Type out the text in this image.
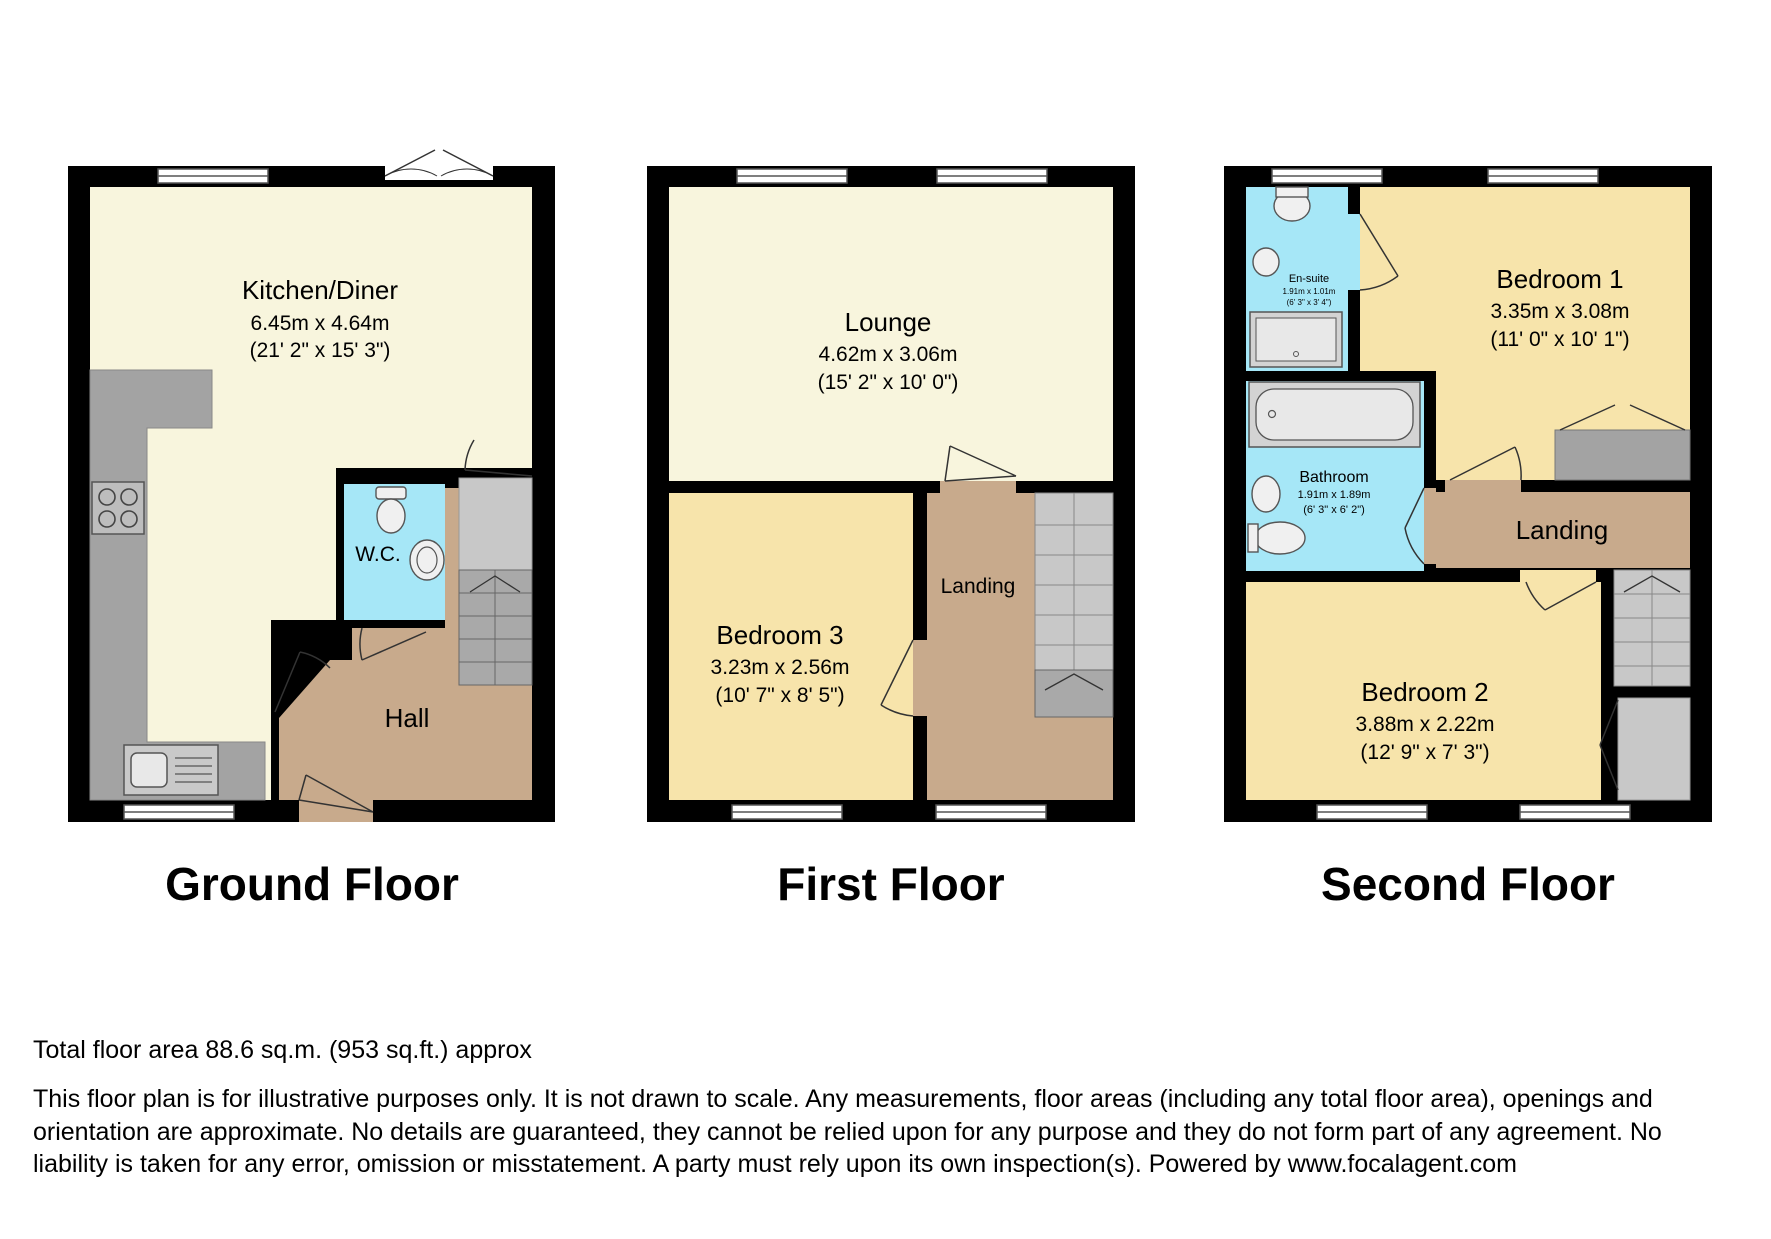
Kitchen/Diner
6.45m x 4.64m
(21' 2" x 15' 3")
W.C.
Hall
Ground Floor
Lounge
4.62m x 3.06m
(15' 2" x 10' 0")
Bedroom 3
3.23m x 2.56m
(10' 7" x 8' 5")
Landing
First Floor
Bedroom 1
3.35m x 3.08m
(11' 0" x 10' 1")
En-suite
1.91m x 1.01m
(6' 3" x 3' 4")
Bathroom
1.91m x 1.89m
(6' 3" x 6' 2")
Landing
Bedroom 2
3.88m x 2.22m
(12' 9" x 7' 3")
Second Floor
Total floor area 88.6 sq.m. (953 sq.ft.) approx
This floor plan is for illustrative purposes only. It is not drawn to scale. Any measurements, floor areas (including any total floor area), openings and orientation are approximate. No details are guaranteed, they cannot be relied upon for any purpose and they do not form part of any agreement. No liability is taken for any error, omission or misstatement. A party must rely upon its own inspection(s). Powered by www.focalagent.com
